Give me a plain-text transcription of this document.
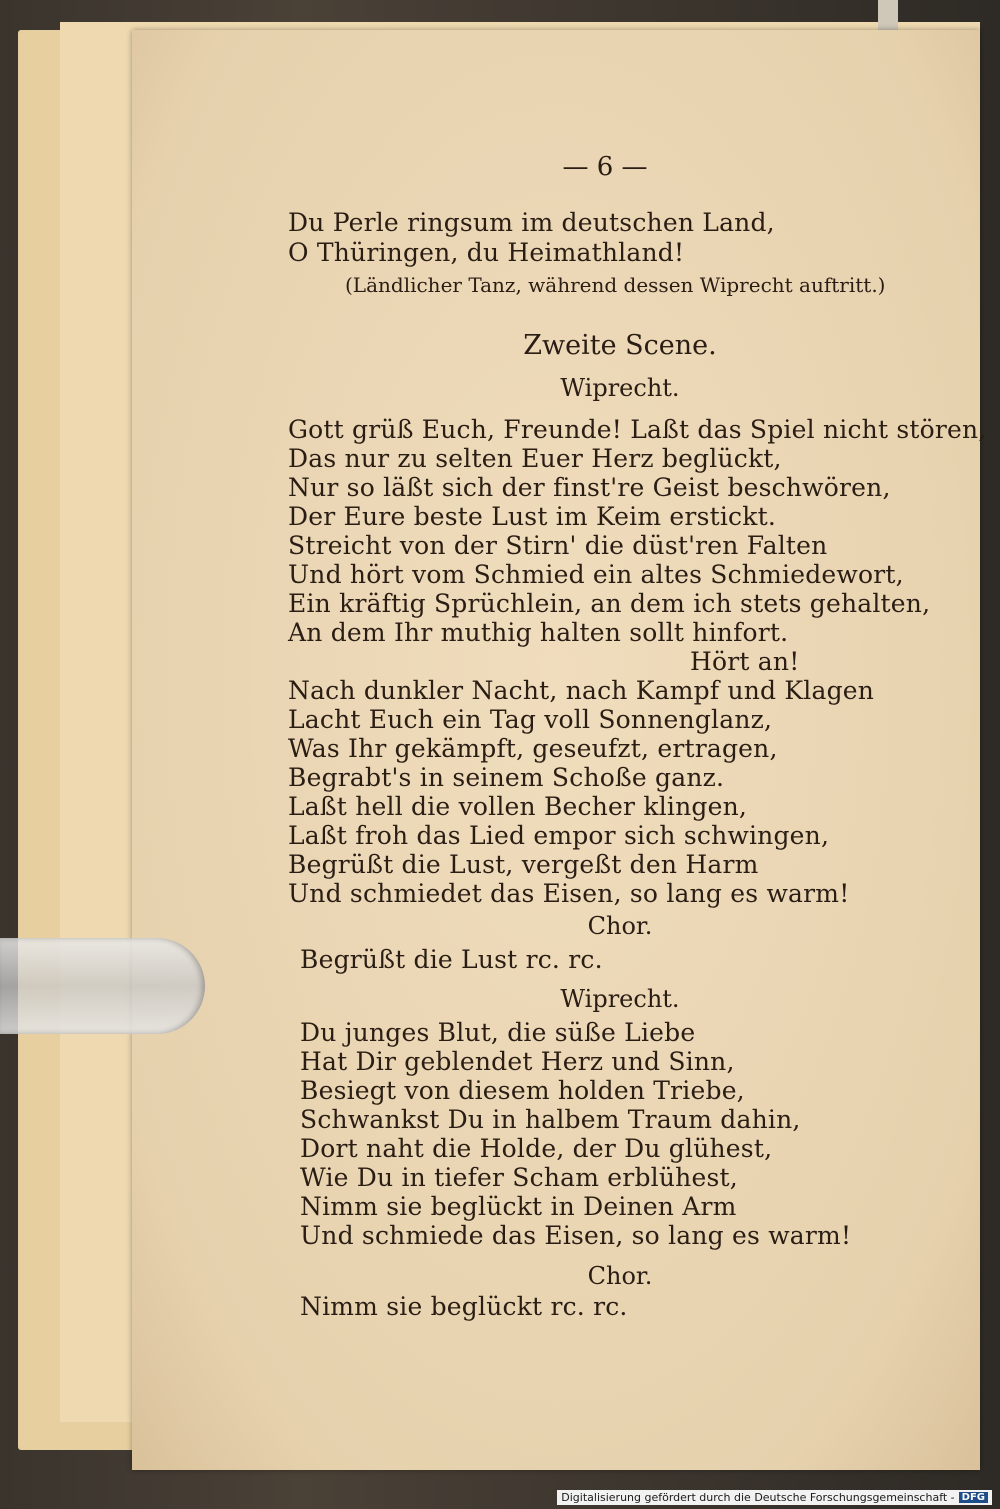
— 6 —
Du Perle ringsum im deutschen Land,
O Thüringen, du Heimathland!
(Ländlicher Tanz, während dessen Wiprecht auftritt.)
Zweite Scene.
Wiprecht.
Gott grüß Euch, Freunde! Laßt das Spiel nicht stören,
Das nur zu selten Euer Herz beglückt,
Nur so läßt sich der finst're Geist beschwören,
Der Eure beste Lust im Keim erstickt.
Streicht von der Stirn' die düst'ren Falten
Und hört vom Schmied ein altes Schmiedewort,
Ein kräftig Sprüchlein, an dem ich stets gehalten,
An dem Ihr muthig halten sollt hinfort.
Hört an!
Nach dunkler Nacht, nach Kampf und Klagen
Lacht Euch ein Tag voll Sonnenglanz,
Was Ihr gekämpft, geseufzt, ertragen,
Begrabt's in seinem Schoße ganz.
Laßt hell die vollen Becher klingen,
Laßt froh das Lied empor sich schwingen,
Begrüßt die Lust, vergeßt den Harm
Und schmiedet das Eisen, so lang es warm!
Chor.
Begrüßt die Lust rc. rc.
Wiprecht.
Du junges Blut, die süße Liebe
Hat Dir geblendet Herz und Sinn,
Besiegt von diesem holden Triebe,
Schwankst Du in halbem Traum dahin,
Dort naht die Holde, der Du glühest,
Wie Du in tiefer Scham erblühest,
Nimm sie beglückt in Deinen Arm
Und schmiede das Eisen, so lang es warm!
Chor.
Nimm sie beglückt rc. rc.
Digitalisierung gefördert durch die Deutsche Forschungsgemeinschaft - DFG
